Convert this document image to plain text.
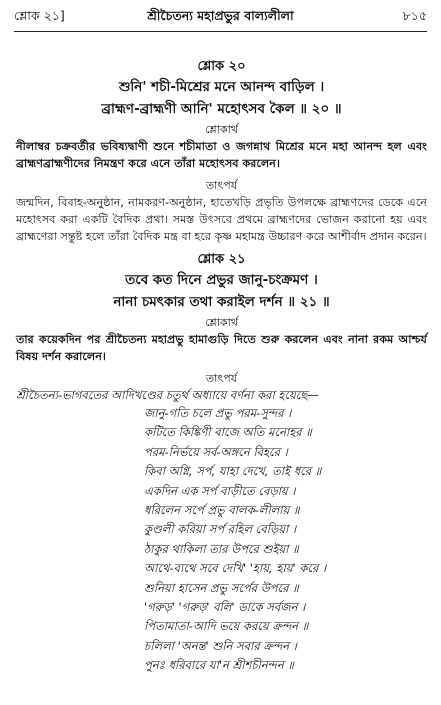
শ্লোক ২১]	শ্রীচৈতন্য মহাপ্রভুর বাল্যলীলা	৮১৫
শ্লোক ২০
শুনি' শচী-মিশ্রের মনে আনন্দ বাড়িল ।
ব্রাহ্মণ-ব্রাহ্মণী আনি' মহোৎসব কৈল ॥ ২০ ॥
শ্লোকার্থ
নীলাম্বর চক্রবর্তীর ভবিষ্যদ্বাণী শুনে শচীমাতা ও জগন্নাথ মিশ্রের মনে মহা আনন্দ হল এবং ব্রাহ্মণব্রাহ্মণীদের নিমন্ত্রণ করে এনে তাঁরা মহোৎসব করলেন।
তাৎপর্য
জন্মদিন, বিবাহ-অনুষ্ঠান, নামকরণ-অনুষ্ঠান, হাতেখড়ি প্রভৃতি উপলক্ষে ব্রাহ্মণদের ডেকে এনে মহোৎসব করা একটি বৈদিক প্রথা। সমস্ত উৎসবে প্রথমে ব্রাহ্মণদের ভোজন করানো হয় এবং ব্রাহ্মণেরা সন্তুষ্ট হলে তাঁরা বৈদিক মন্ত্র বা হরে কৃষ্ণ মহামন্ত্র উচ্চারণ করে আশীর্বাদ প্রদান করেন।
শ্লোক ২১
তবে কত দিনে প্রভুর জানু-চংক্রমণ ।
নানা চমৎকার তথা করাইল দর্শন ॥ ২১ ॥
শ্লোকার্থ
তার কয়েকদিন পর শ্রীচৈতন্য মহাপ্রভু হামাগুড়ি দিতে শুরু করলেন এবং নানা রকম আশ্চর্য বিষয় দর্শন করালেন।
তাৎপর্য
শ্রীচৈতন্য-ভাগবতের আদিখণ্ডের চতুর্থ অধ্যায়ে বর্ণনা করা হয়েছে—
জানু-গতি চলে প্রভু পরম-সুন্দর ।
কটিতে কিঙ্কিণী বাজে অতি মনোহর ॥
পরম-নির্ভয়ে সর্ব-অঙ্গনে বিহরে ।
কিবা অগ্নি, সর্প, যাহা দেখে, তাই ধরে ॥
একদিন এক সর্প বাড়ীতে বেড়ায় ।
ধরিলেন সর্পে প্রভু বালক-লীলায় ॥
কুণ্ডলী করিয়া সর্প রহিল বেড়িয়া ।
ঠাকুর থাকিলা তার উপরে শুইয়া ॥
আথে-ব্যথে সবে দেখি' 'হায়, হায়' করে ।
শুনিয়া হাসেন প্রভু সর্পের উপরে ॥
'গরুড়' 'গরুড়' বলি' ডাকে সর্বজন ।
পিতামাতা-আদি ভয়ে করয়ে ক্রন্দন ॥
চলিলা 'অনন্ত' শুনি সবার ক্রন্দন ।
পুনঃ ধরিবারে যা'ন শ্রীশচীনন্দন ॥
